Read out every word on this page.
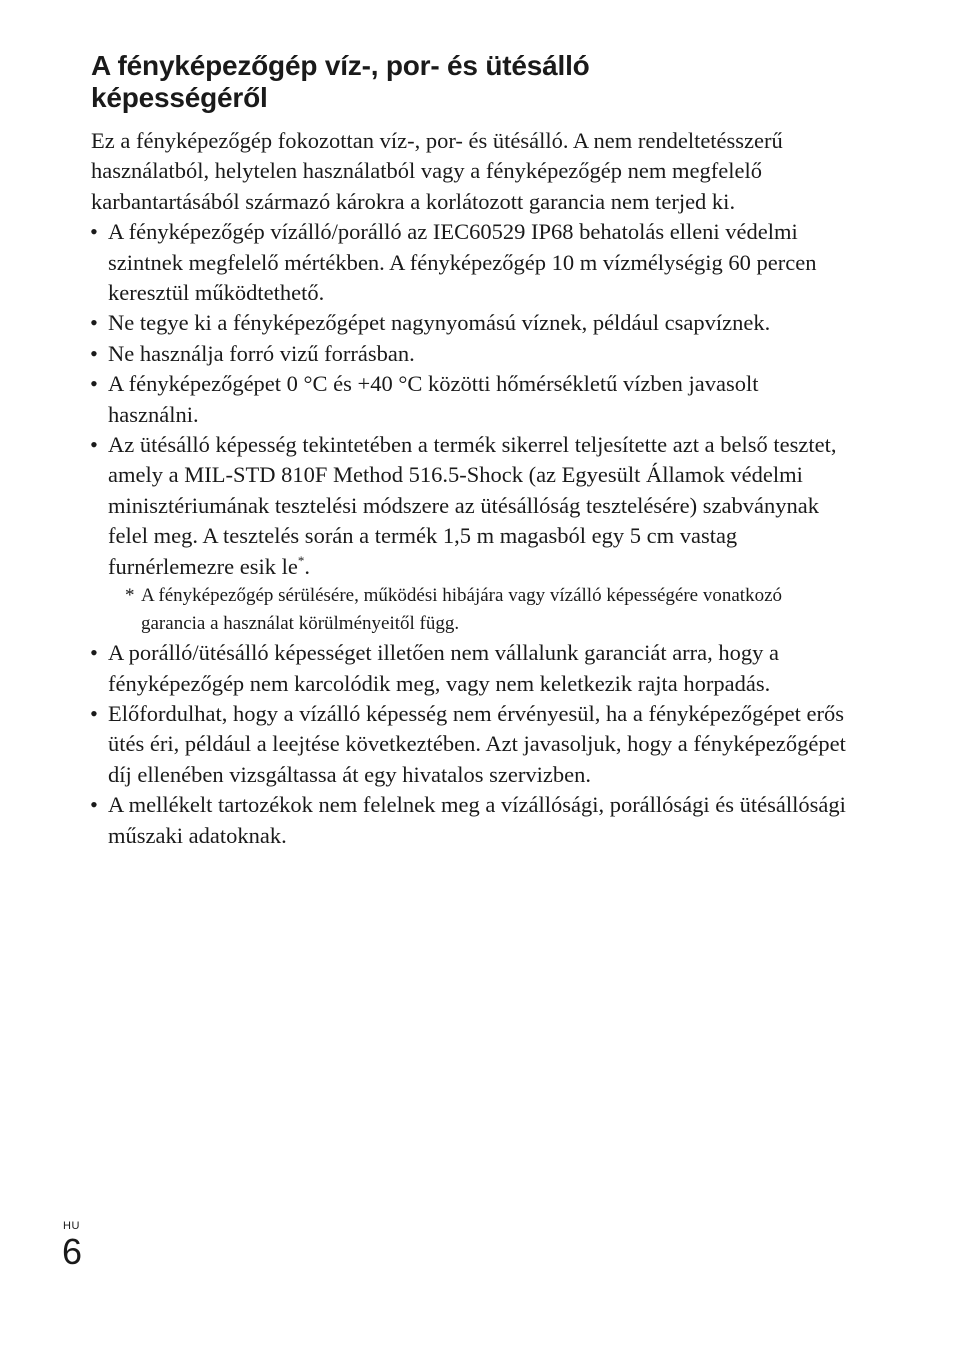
A fényképezőgép víz-, por- és ütésálló
képességéről

Ez a fényképezőgép fokozottan víz-, por- és ütésálló. A nem rendeltetésszerű használatból, helytelen használatból vagy a fényképezőgép nem megfelelő karbantartásából származó károkra a korlátozott garancia nem terjed ki.

• A fényképezőgép vízálló/porálló az IEC60529 IP68 behatolás elleni védelmi szintnek megfelelő mértékben. A fényképezőgép 10 m vízmélységig 60 percen keresztül működtethető.
• Ne tegye ki a fényképezőgépet nagynyomású víznek, például csapvíznek.
• Ne használja forró vizű forrásban.
• A fényképezőgépet 0 °C és +40 °C közötti hőmérsékletű vízben javasolt használni.
• Az ütésálló képesség tekintetében a termék sikerrel teljesítette azt a belső tesztet, amely a MIL-STD 810F Method 516.5-Shock (az Egyesült Államok védelmi minisztériumának tesztelési módszere az ütésállóság tesztelésére) szabványnak felel meg. A tesztelés során a termék 1,5 m magasból egy 5 cm vastag furnérlemezre esik le*.
* A fényképezőgép sérülésére, működési hibájára vagy vízálló képességére vonatkozó garancia a használat körülményeitől függ.
• A porálló/ütésálló képességet illetően nem vállalunk garanciát arra, hogy a fényképezőgép nem karcolódik meg, vagy nem keletkezik rajta horpadás.
• Előfordulhat, hogy a vízálló képesség nem érvényesül, ha a fényképezőgépet erős ütés éri, például a leejtése következtében. Azt javasoljuk, hogy a fényképezőgépet díj ellenében vizsgáltassa át egy hivatalos szervizben.
• A mellékelt tartozékok nem felelnek meg a vízállósági, porállósági és ütésállósági műszaki adatoknak.
HU
6
